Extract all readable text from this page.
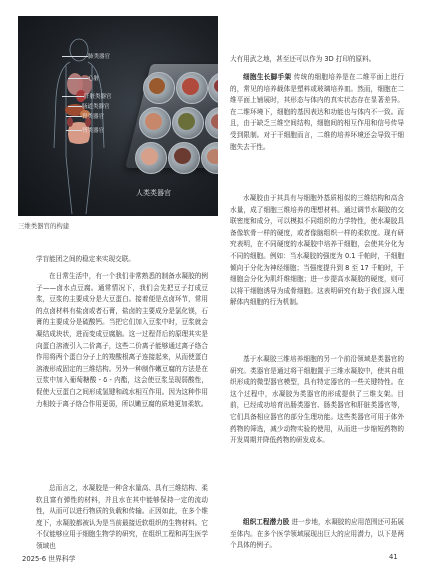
肺类器官
心脏
肝脏类器官
肠道类器官
胃类器官
肾类器官
人类类器官
三维类器官的构建

学盲能团之间的稳定来实现交联。

在日常生活中，有一个我们非常熟悉的制备水凝胶的例子——卤水点豆腐。通常情况下，我们会先把豆子打成豆浆，豆浆的主要成分是大豆蛋白。接着便是点卤环节，常用的点卤材料有盐卤或者石膏，盐卤的主要成分是氯化镁，石膏的主要成分是硫酸钙。当把它们加入豆浆中时，豆浆就会凝结成块状，进而变成豆腐脑。这一过程背后的原理其实是向蛋白溶液引入二价离子，这些二价离子能够通过离子络合作用将两个蛋白分子上的羧酸根离子连接起来，从而使蛋白溶液形成固定的三维结构。另外一种制作嫩豆腐的方法是在豆浆中加入葡萄糖酸 - δ - 内酯，这会使豆浆呈现弱酸性，促使大豆蛋白之间形成氢键和疏水相互作用。因为这种作用力相较于离子络合作用更弱，所以嫩豆腐的质地更加柔软。

总而言之，水凝胶是一种含水量高、具有三维结构、柔软且富有弹性的材料，并且水在其中能够保持一定的流动性，从而可以进行物质的负载和传输。正因如此，在多个维度下，水凝胶都被认为是当前最接近软组织的生物材料。它不仅能够应用于细胞生物学的研究，在组织工程和再生医学领域也

大有用武之地，甚至还可以作为 3D 打印的原料。

细胞生长脚手架 传统的细胞培养是在二维平面上进行的，常见的培养载体是塑料或玻璃培养皿。然而，细胞在二维平面上铺展时，其形态与体内的真实状态存在显著差异。在二维环境下，细胞的基因表达和功能也与体内不一致。而且，由于缺乏三维空间结构，细胞间的相互作用和信号传导受到限制。对于干细胞而言，二维的培养环境还会导致干细胞失去干性。

水凝胶由于其具有与细胞外基质相似的三维结构和高含水量，成了细胞三维培养的理想材料。通过调节水凝胶的交联密度和成分，可以模拟不同组织的力学特性，使水凝胶具备像软骨一样的硬度，或者像脑组织一样的柔软度。现有研究表明，在不同硬度的水凝胶中培养干细胞，会使其分化为不同的细胞。例如：当水凝胶的强度为 0.1 千帕时，干细胞倾向于分化为神经细胞；当强度提升到 8 至 17 千帕时，干细胞会分化为肌纤维细胞；进一步提高水凝胶的硬度，则可以将干细胞诱导为成骨细胞。这表明研究有助于我们深入理解体内细胞的行为机制。

基于水凝胶三维培养细胞的另一个前沿领域是类器官的研究。类器官是通过将干细胞置于三维水凝胶中，使其自组织形成的微型器官模型，具有特定器官的一些关键特性。在这个过程中，水凝胶为类器官的形成提供了三维支架。目前，已经成功培育出肠类器官、肠类器官和肝脏类器官等，它们具备相应器官的部分生理功能。这些类器官可用于体外药物的筛选，减少动物实验的使用，从而进一步缩短药物的开发周期并降低药物的研发成本。

组织工程潜力股 进一步地，水凝胶的应用范围还可拓展至体内。在多个医学领域展现出巨大的应用潜力，以下是两个具体的例子。

2025-6 世界科学	41
